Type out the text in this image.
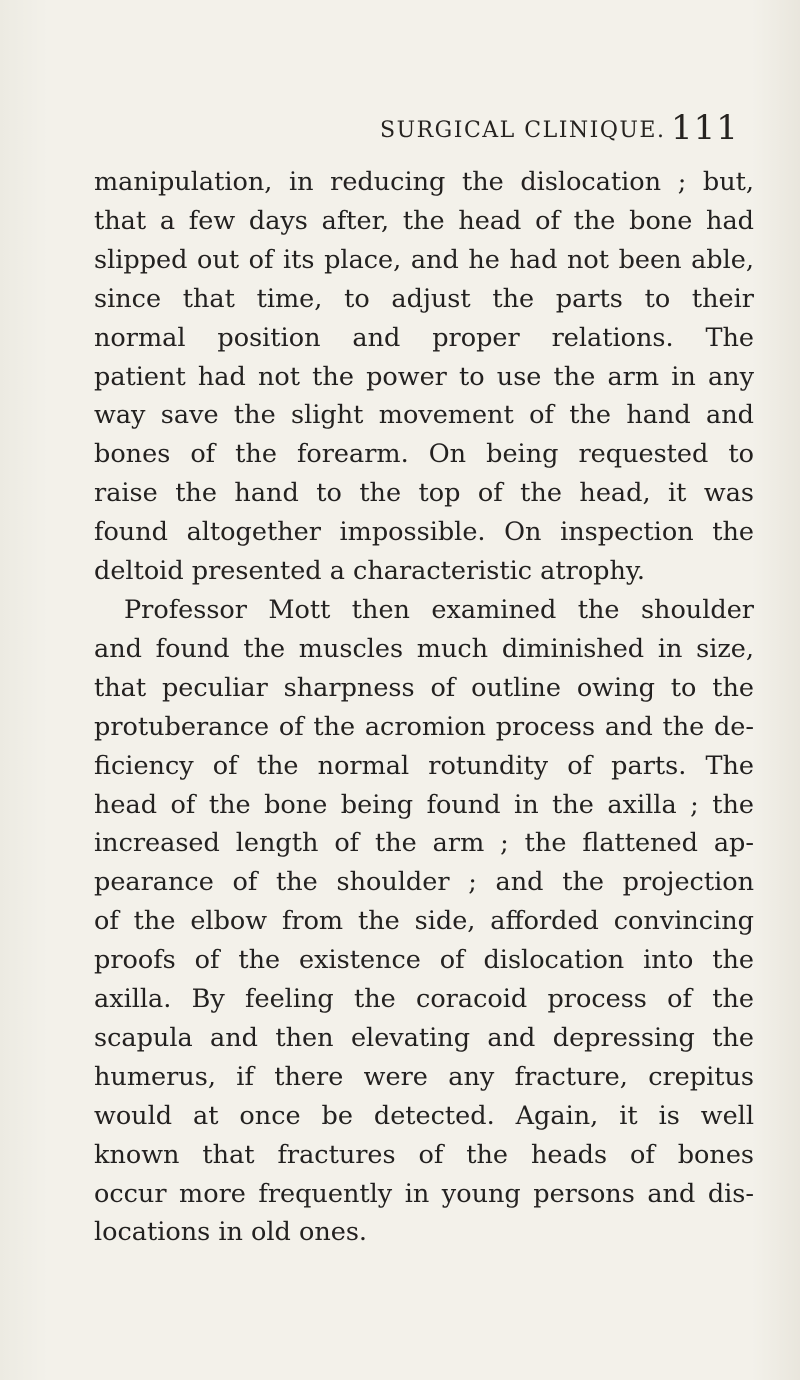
SURGICAL CLINIQUE. 111
manipulation, in reducing the dislocation ; but,
that a few days after, the head of the bone had
slipped out of its place, and he had not been able,
since that time, to adjust the parts to their
normal position and proper relations. The
patient had not the power to use the arm in any
way save the slight movement of the hand and
bones of the forearm. On being requested to
raise the hand to the top of the head, it was
found altogether impossible. On inspection the
deltoid presented a characteristic atrophy.
Professor Mott then examined the shoulder
and found the muscles much diminished in size,
that peculiar sharpness of outline owing to the
protuberance of the acromion process and the de-
ficiency of the normal rotundity of parts. The
head of the bone being found in the axilla ; the
increased length of the arm ; the flattened ap-
pearance of the shoulder ; and the projection
of the elbow from the side, afforded convincing
proofs of the existence of dislocation into the
axilla. By feeling the coracoid process of the
scapula and then elevating and depressing the
humerus, if there were any fracture, crepitus
would at once be detected. Again, it is well
known that fractures of the heads of bones
occur more frequently in young persons and dis-
locations in old ones.
